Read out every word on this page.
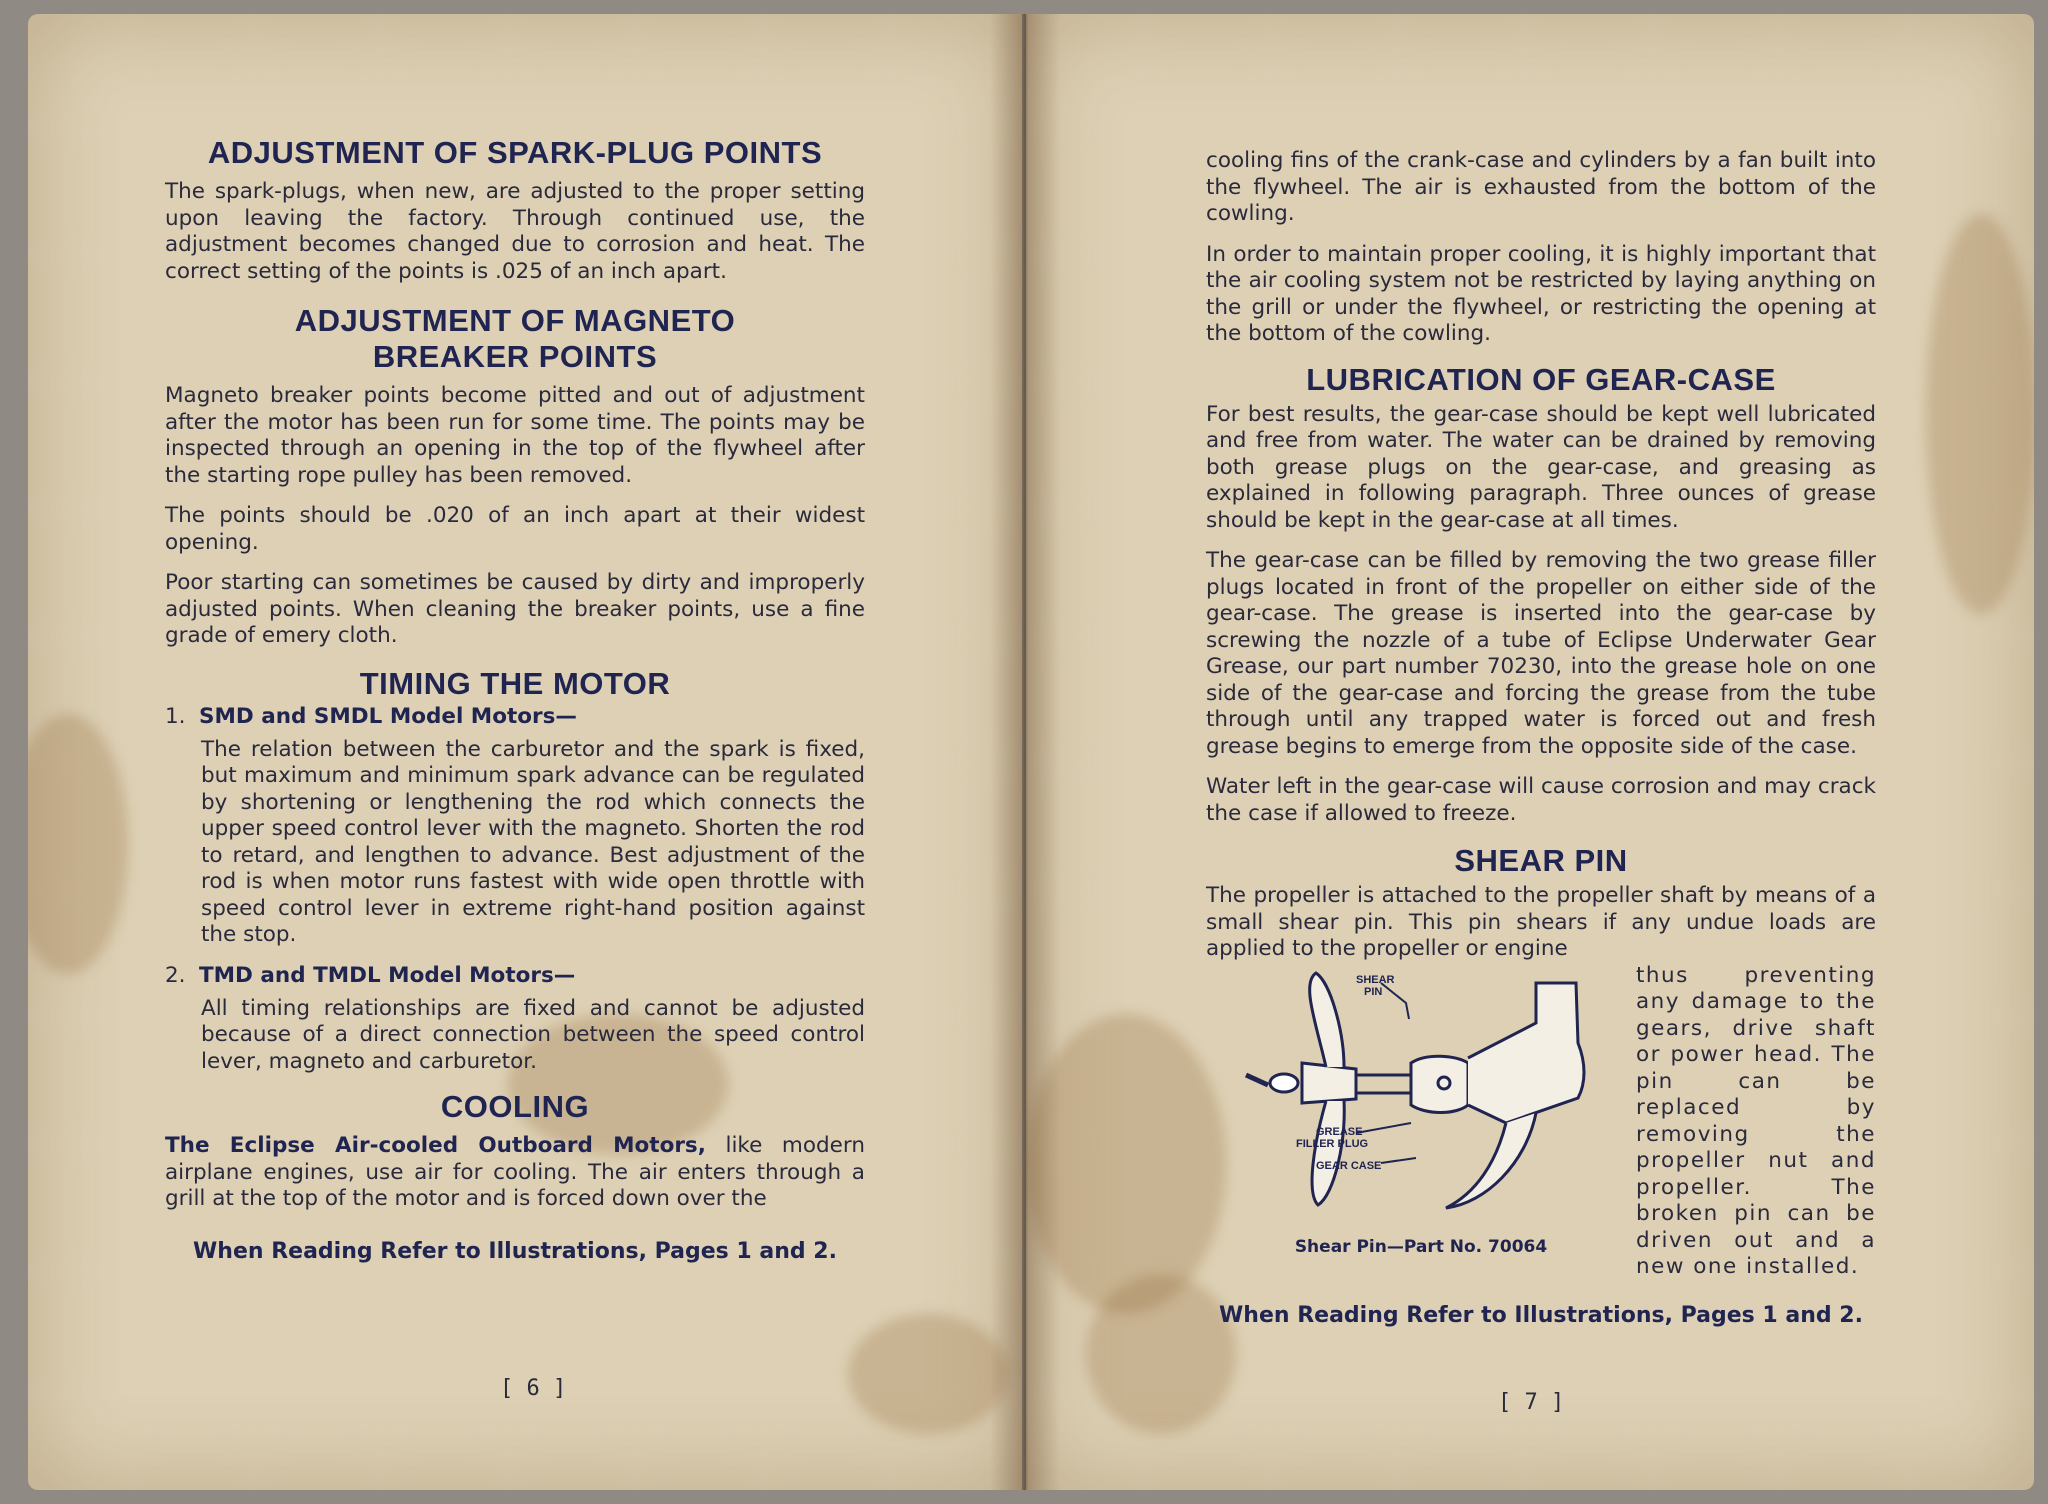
ADJUSTMENT OF SPARK-PLUG POINTS

The spark-plugs, when new, are adjusted to the proper setting upon leaving the factory. Through continued use, the adjustment becomes changed due to corrosion and heat. The correct setting of the points is .025 of an inch apart.

ADJUSTMENT OF MAGNETO
BREAKER POINTS

Magneto breaker points become pitted and out of adjustment after the motor has been run for some time. The points may be inspected through an opening in the top of the flywheel after the starting rope pulley has been removed.

The points should be .020 of an inch apart at their widest opening.

Poor starting can sometimes be caused by dirty and improperly adjusted points. When cleaning the breaker points, use a fine grade of emery cloth.

TIMING THE MOTOR
1. SMD and SMDL Model Motors—

The relation between the carburetor and the spark is fixed, but maximum and minimum spark advance can be regulated by shortening or lengthening the rod which connects the upper speed control lever with the magneto. Shorten the rod to retard, and lengthen to advance. Best adjustment of the rod is when motor runs fastest with wide open throttle with speed control lever in extreme right-hand position against the stop.

2. TMD and TMDL Model Motors—

All timing relationships are fixed and cannot be adjusted because of a direct connection between the speed control lever, magneto and carburetor.

COOLING

The Eclipse Air-cooled Outboard Motors, like modern airplane engines, use air for cooling. The air enters through a grill at the top of the motor and is forced down over the

When Reading Refer to Illustrations, Pages 1 and 2.
[ 6 ]

cooling fins of the crank-case and cylinders by a fan built into the flywheel. The air is exhausted from the bottom of the cowling.

In order to maintain proper cooling, it is highly important that the air cooling system not be restricted by laying anything on the grill or under the flywheel, or restricting the opening at the bottom of the cowling.

LUBRICATION OF GEAR-CASE

For best results, the gear-case should be kept well lubricated and free from water. The water can be drained by removing both grease plugs on the gear-case, and greasing as explained in following paragraph. Three ounces of grease should be kept in the gear-case at all times.

The gear-case can be filled by removing the two grease filler plugs located in front of the propeller on either side of the gear-case. The grease is inserted into the gear-case by screwing the nozzle of a tube of Eclipse Underwater Gear Grease, our part number 70230, into the grease hole on one side of the gear-case and forcing the grease from the tube through until any trapped water is forced out and fresh grease begins to emerge from the opposite side of the case.

Water left in the gear-case will cause corrosion and may crack the case if allowed to freeze.

SHEAR PIN

The propeller is attached to the propeller shaft by means of a small shear pin. This pin shears if any undue loads are applied to the propeller or engine

SHEAR
PIN
GREASE
FILLER PLUG
GEAR CASE
Shear Pin—Part No. 70064
thus preventing any damage to the gears, drive shaft or power head. The pin can be replaced by removing the propeller nut and propeller. The broken pin can be driven out and a new one installed.
When Reading Refer to Illustrations, Pages 1 and 2.
[ 7 ]
